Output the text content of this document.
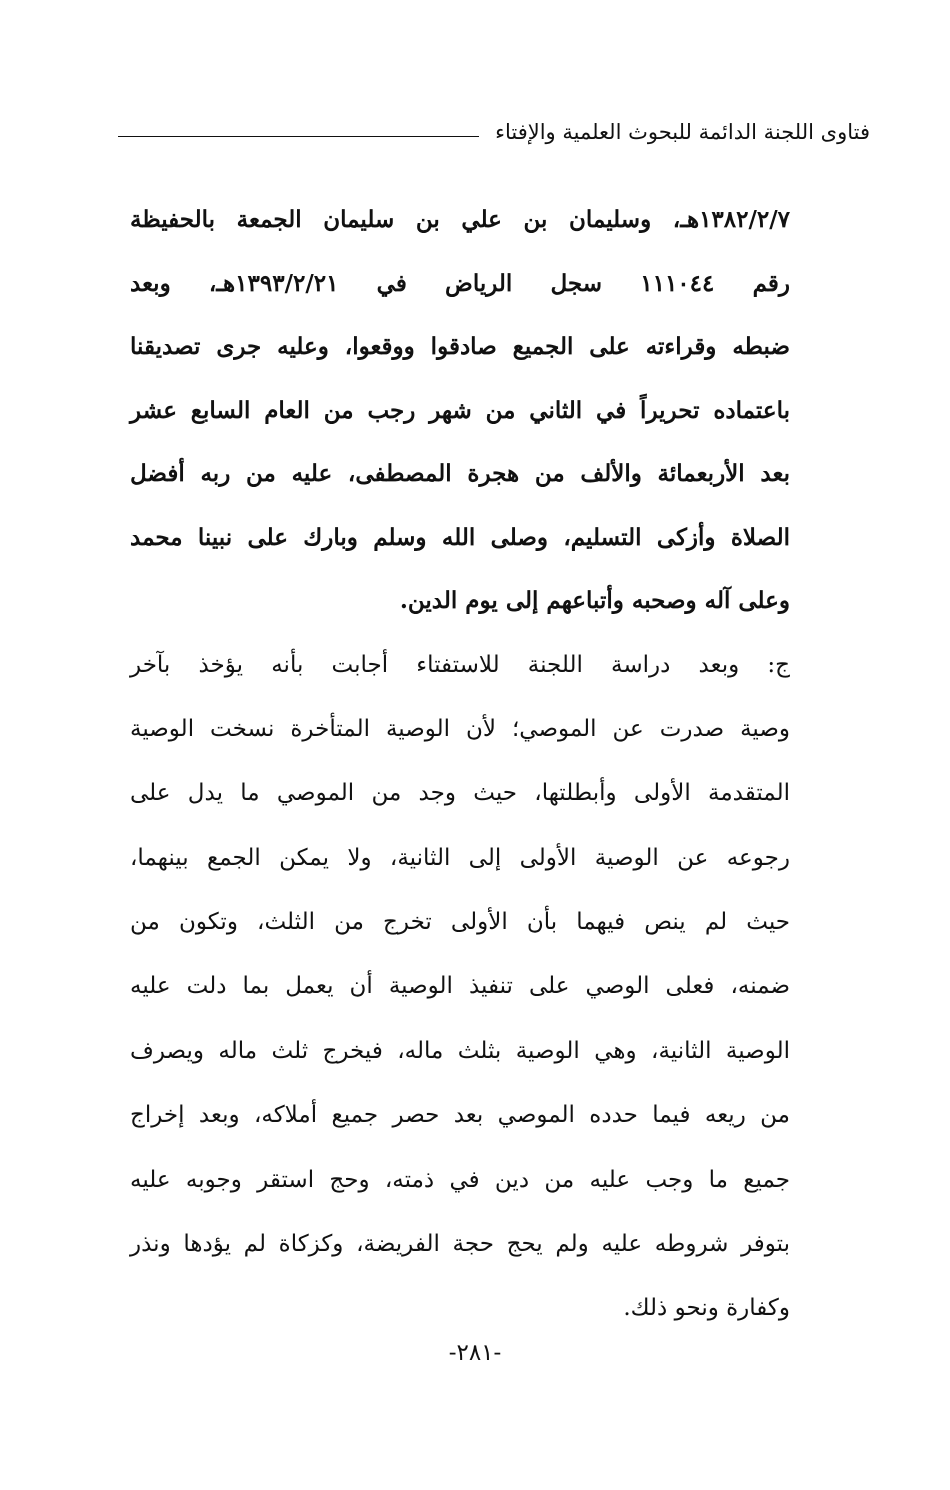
فتاوى اللجنة الدائمة للبحوث العلمية والإفتاء
١٣٨٢/٢/٧هـ، وسليمان بن علي بن سليمان الجمعة بالحفيظة
رقم ١١١٠٤٤ سجل الرياض في ١٣٩٣/٢/٢١هـ، وبعد
ضبطه وقراءته على الجميع صادقوا ووقعوا، وعليه جرى تصديقنا
باعتماده تحريراً في الثاني من شهر رجب من العام السابع عشر
بعد الأربعمائة والألف من هجرة المصطفى، عليه من ربه أفضل
الصلاة وأزكى التسليم، وصلى الله وسلم وبارك على نبينا محمد
وعلى آله وصحبه وأتباعهم إلى يوم الدين.
ج: وبعد دراسة اللجنة للاستفتاء أجابت بأنه يؤخذ بآخر
وصية صدرت عن الموصي؛ لأن الوصية المتأخرة نسخت الوصية
المتقدمة الأولى وأبطلتها، حيث وجد من الموصي ما يدل على
رجوعه عن الوصية الأولى إلى الثانية، ولا يمكن الجمع بينهما،
حيث لم ينص فيهما بأن الأولى تخرج من الثلث، وتكون من
ضمنه، فعلى الوصي على تنفيذ الوصية أن يعمل بما دلت عليه
الوصية الثانية، وهي الوصية بثلث ماله، فيخرج ثلث ماله ويصرف
من ريعه فيما حدده الموصي بعد حصر جميع أملاكه، وبعد إخراج
جميع ما وجب عليه من دين في ذمته، وحج استقر وجوبه عليه
بتوفر شروطه عليه ولم يحج حجة الفريضة، وكزكاة لم يؤدها ونذر
وكفارة ونحو ذلك.
-٢٨١-
